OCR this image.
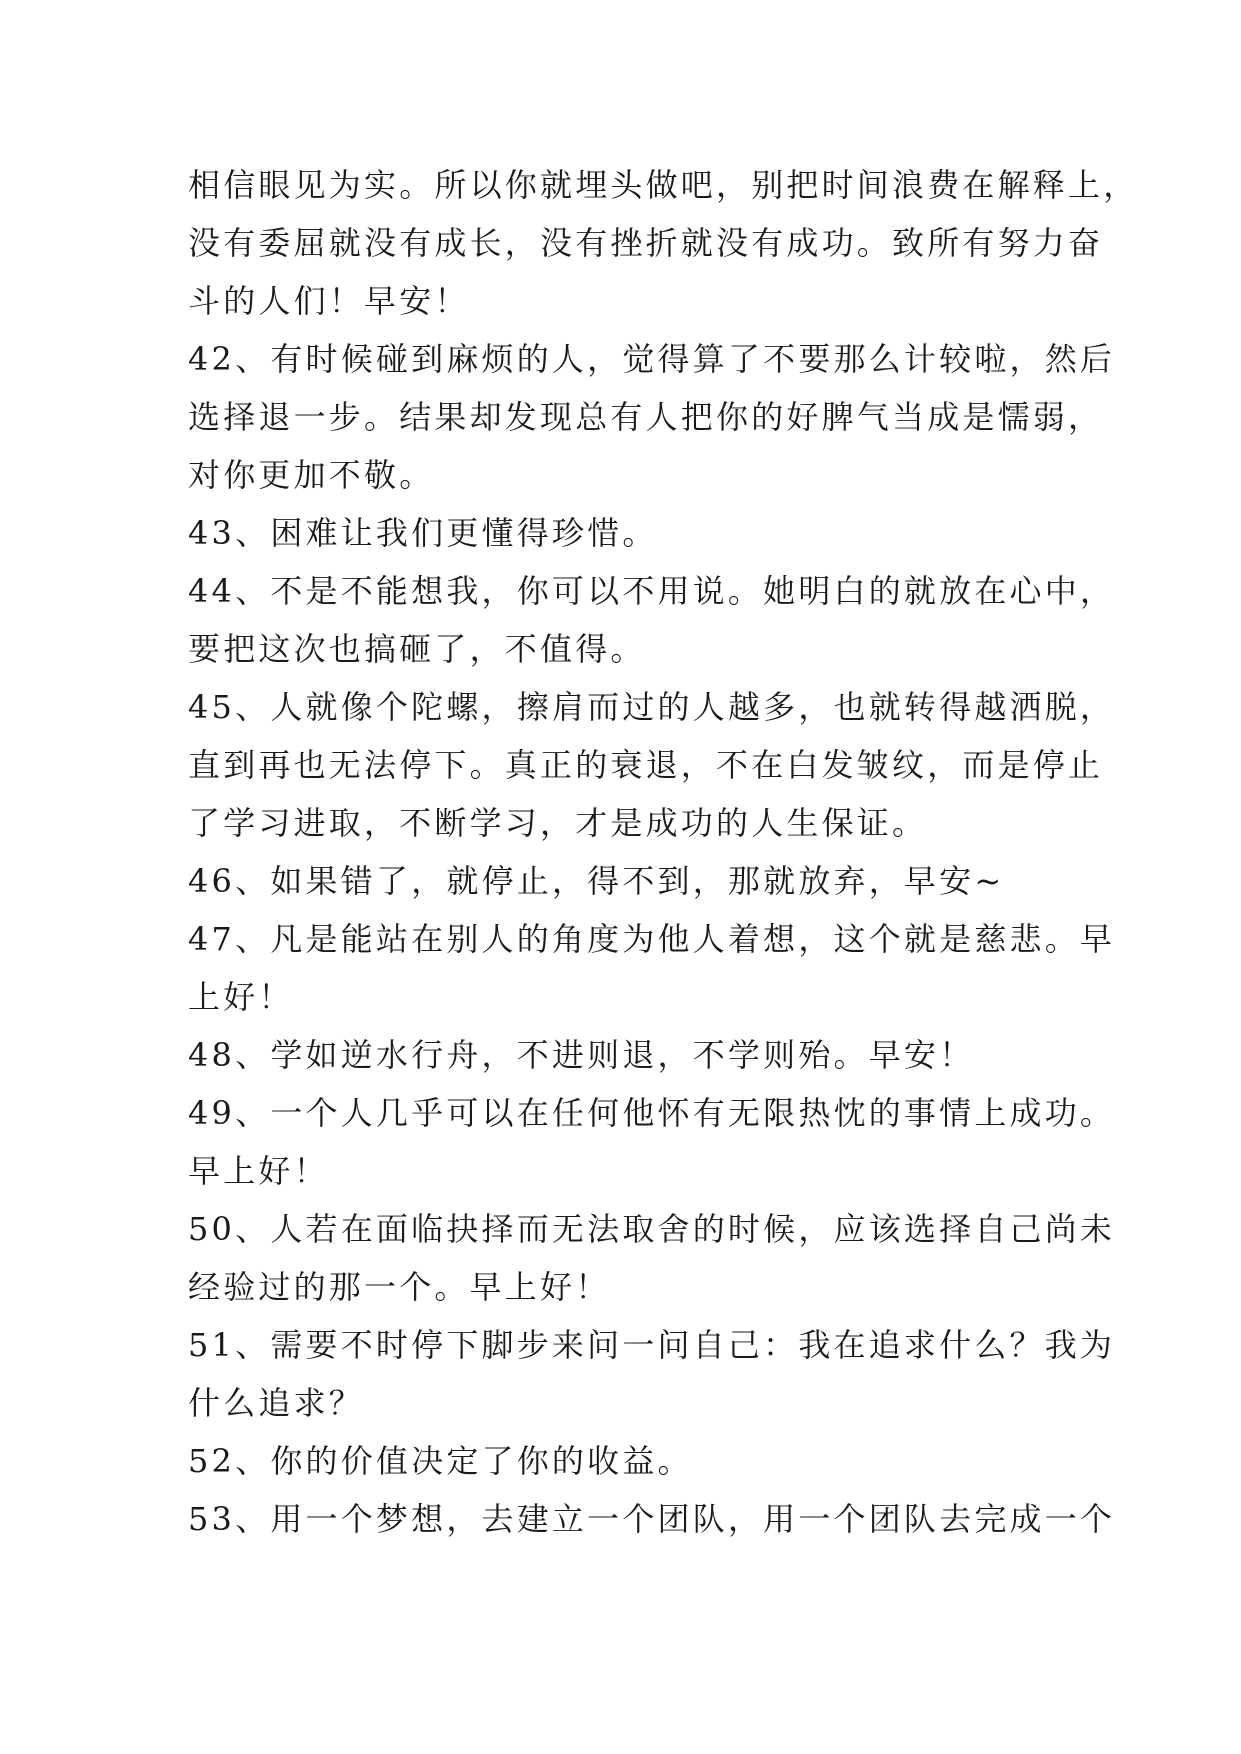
相信眼见为实。所以你就埋头做吧，别把时间浪费在解释上，
没有委屈就没有成长，没有挫折就没有成功。致所有努力奋
斗的人们！早安！
42、有时候碰到麻烦的人，觉得算了不要那么计较啦，然后
选择退一步。结果却发现总有人把你的好脾气当成是懦弱，
对你更加不敬。
43、困难让我们更懂得珍惜。
44、不是不能想我，你可以不用说。她明白的就放在心中，
要把这次也搞砸了，不值得。
45、人就像个陀螺，擦肩而过的人越多，也就转得越洒脱，
直到再也无法停下。真正的衰退，不在白发皱纹，而是停止
了学习进取，不断学习，才是成功的人生保证。
46、如果错了，就停止，得不到，那就放弃，早安~
47、凡是能站在别人的角度为他人着想，这个就是慈悲。早
上好！
48、学如逆水行舟，不进则退，不学则殆。早安！
49、一个人几乎可以在任何他怀有无限热忱的事情上成功。
早上好！
50、人若在面临抉择而无法取舍的时候，应该选择自己尚未
经验过的那一个。早上好！
51、需要不时停下脚步来问一问自己：我在追求什么？我为
什么追求？
52、你的价值决定了你的收益。
53、用一个梦想，去建立一个团队，用一个团队去完成一个
